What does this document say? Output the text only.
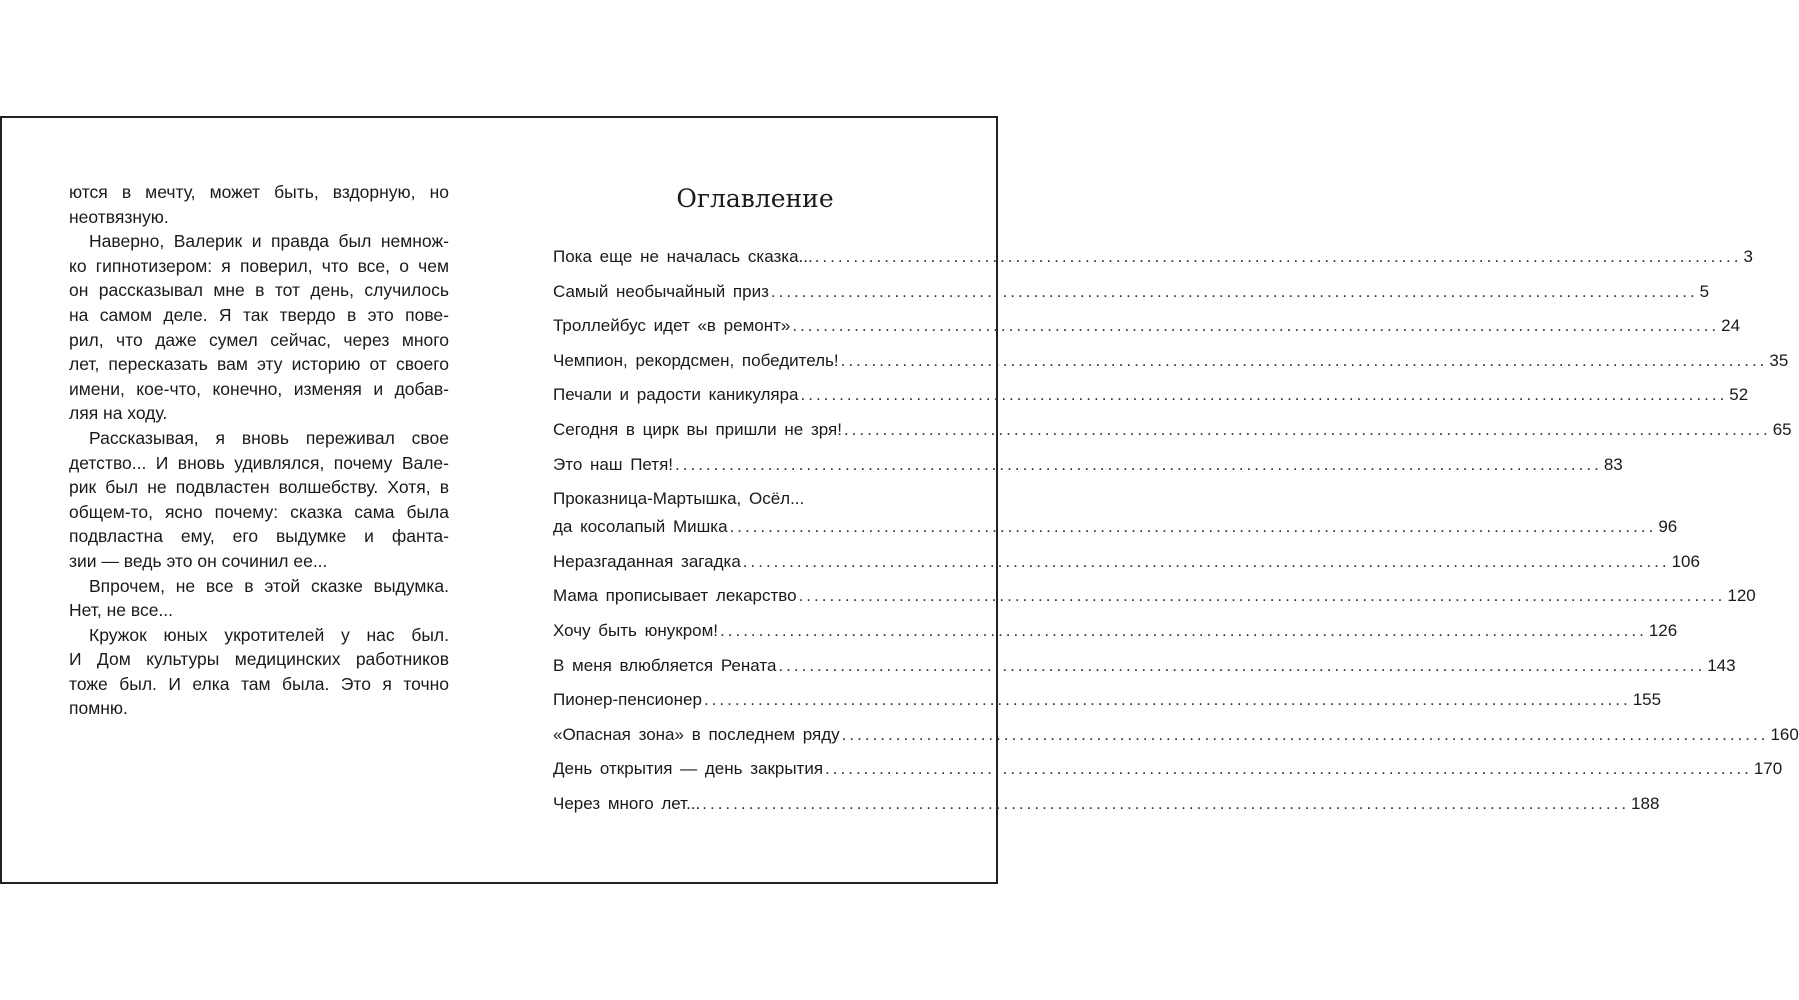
ются в мечту, может быть, вздорную, но
неотвязную.
Наверно, Валерик и правда был немнож-
ко гипнотизером: я поверил, что все, о чем
он рассказывал мне в тот день, случилось
на самом деле. Я так твердо в это пове-
рил, что даже сумел сейчас, через много
лет, пересказать вам эту историю от своего
имени, кое-что, конечно, изменяя и добав-
ляя на ходу.
Рассказывая, я вновь переживал свое
детство... И вновь удивлялся, почему Вале-
рик был не подвластен волшебству. Хотя, в
общем-то, ясно почему: сказка сама была
подвластна ему, его выдумке и фанта-
зии — ведь это он сочинил ее...
Впрочем, не все в этой сказке выдумка.
Нет, не все...
Кружок юных укротителей у нас был.
И Дом культуры медицинских работников
тоже был. И елка там была. Это я точно
помню.
Оглавление
Пока еще не началась сказка... ........................................................................................................................ 3
Самый необычайный приз ........................................................................................................................ 5
Троллейбус идет «в ремонт» ........................................................................................................................ 24
Чемпион, рекордсмен, победитель! ........................................................................................................................ 35
Печали и радости каникуляра ........................................................................................................................ 52
Сегодня в цирк вы пришли не зря! ........................................................................................................................ 65
Это наш Петя! ........................................................................................................................ 83
Проказница-Мартышка, Осёл...
да косолапый Мишка ........................................................................................................................ 96
Неразгаданная загадка ........................................................................................................................ 106
Мама прописывает лекарство ........................................................................................................................ 120
Хочу быть юнукром! ........................................................................................................................ 126
В меня влюбляется Рената ........................................................................................................................ 143
Пионер-пенсионер ........................................................................................................................ 155
«Опасная зона» в последнем ряду ........................................................................................................................ 160
День открытия — день закрытия ........................................................................................................................ 170
Через много лет... ........................................................................................................................ 188
